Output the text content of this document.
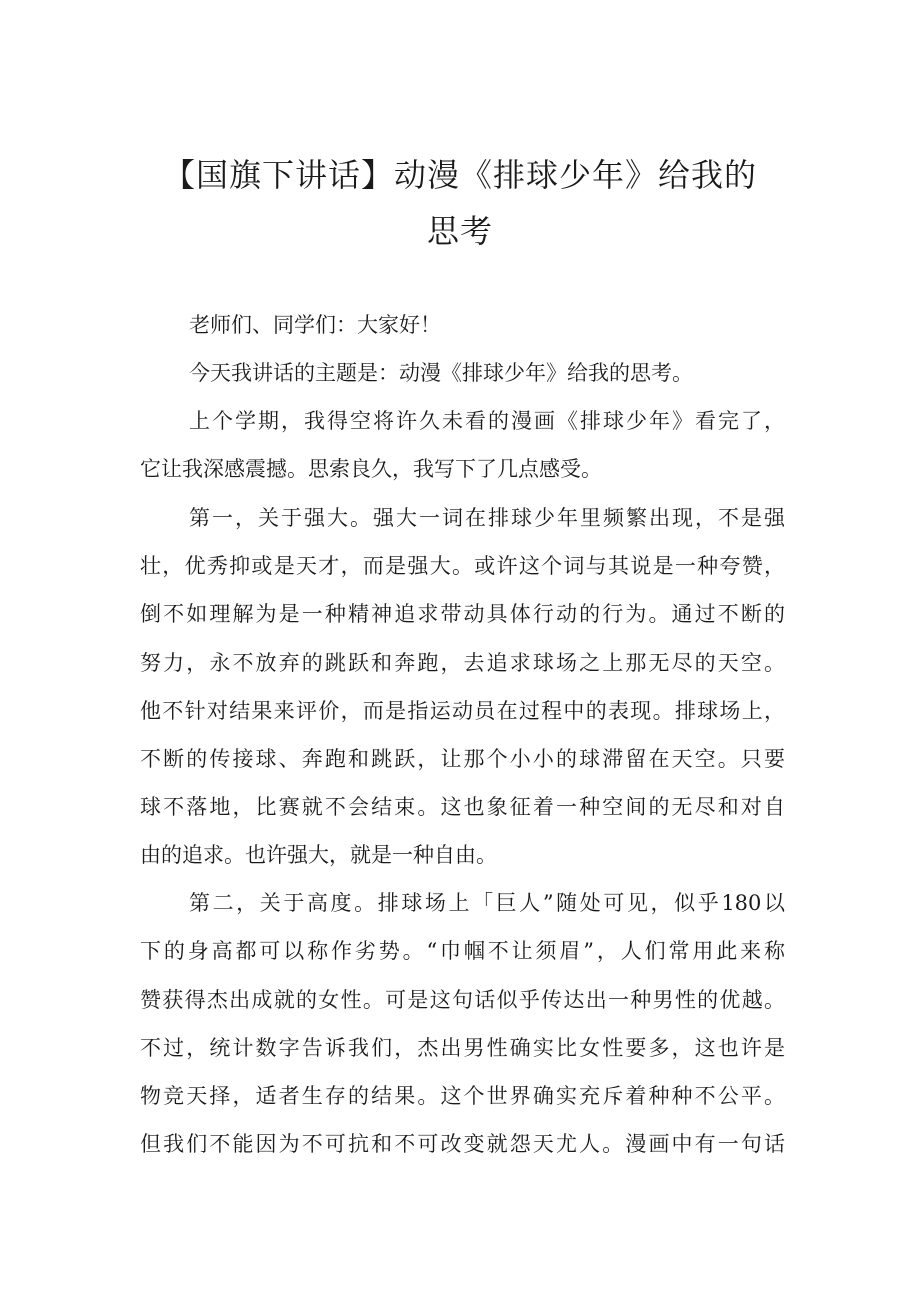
【国旗下讲话】动漫《排球少年》给我的
思考
老师们、同学们：大家好！
今天我讲话的主题是：动漫《排球少年》给我的思考。
上个学期，我得空将许久未看的漫画《排球少年》看完了，
它让我深感震撼。思索良久，我写下了几点感受。
第一，关于强大。强大一词在排球少年里频繁出现，不是强
壮，优秀抑或是天才，而是强大。或许这个词与其说是一种夸赞，
倒不如理解为是一种精神追求带动具体行动的行为。通过不断的
努力，永不放弃的跳跃和奔跑，去追求球场之上那无尽的天空。
他不针对结果来评价，而是指运动员在过程中的表现。排球场上，
不断的传接球、奔跑和跳跃，让那个小小的球滞留在天空。只要
球不落地，比赛就不会结束。这也象征着一种空间的无尽和对自
由的追求。也许强大，就是一种自由。
第二，关于高度。排球场上「巨人”随处可见，似乎180以
下的身高都可以称作劣势。“巾帼不让须眉”，人们常用此来称
赞获得杰出成就的女性。可是这句话似乎传达出一种男性的优越。
不过，统计数字告诉我们，杰出男性确实比女性要多，这也许是
物竞天择，适者生存的结果。这个世界确实充斥着种种不公平。
但我们不能因为不可抗和不可改变就怨天尤人。漫画中有一句话
